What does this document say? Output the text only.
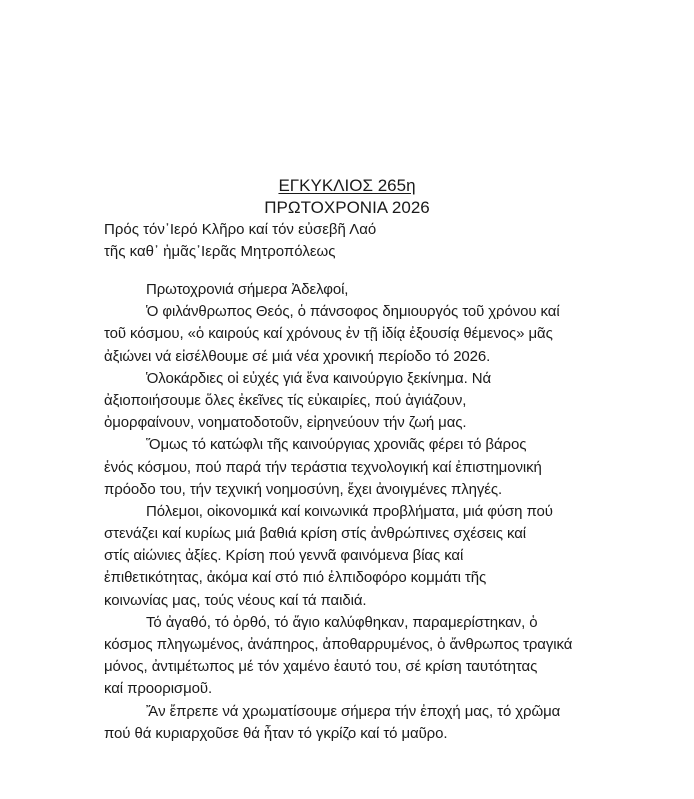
ΕΓΚΥΚΛΙΟΣ 265η
ΠΡΩΤΟΧΡΟΝΙΑ 2026
Πρός τόν᾿Ιερό Κλῆρο καί τόν εὐσεβῆ Λαό
τῆς καθ᾿ ἡμᾶς᾿Ιερᾶς Μητροπόλεως
Πρωτοχρονιά σήμερα Ἀδελφοί,
Ὁ φιλάνθρωπος Θεός, ὁ πάνσοφος δημιουργός τοῦ χρόνου καί
τοῦ κόσμου, «ὁ καιρούς καί χρόνους ἐν τῇ ἰδίᾳ ἐξουσίᾳ θέμενος» μᾶς
ἀξιώνει νά εἰσέλθουμε σέ μιά νέα χρονική περίοδο τό 2026.
Ὁλοκάρδιες οἱ εὐχές γιά ἕνα καινούργιο ξεκίνημα. Νά
ἀξιοποιήσουμε ὅλες ἐκεῖνες τίς εὐκαιρίες, πού ἁγιάζουν,
ὀμορφαίνουν, νοηματοδοτοῦν, εἰρηνεύουν τήν ζωή μας.
Ὅμως τό κατώφλι τῆς καινούργιας χρονιᾶς φέρει τό βάρος
ἑνός κόσμου, πού παρά τήν τεράστια τεχνολογική καί ἐπιστημονική
πρόοδο του, τήν τεχνική νοημοσύνη, ἔχει ἀνοιγμένες πληγές.
Πόλεμοι, οἰκονομικά καί κοινωνικά προβλήματα, μιά φύση πού
στενάζει καί κυρίως μιά βαθιά κρίση στίς ἀνθρώπινες σχέσεις καί
στίς αἰώνιες ἀξίες. Κρίση πού γεννᾶ φαινόμενα βίας καί
ἐπιθετικότητας, ἀκόμα καί στό πιό ἐλπιδοφόρο κομμάτι τῆς
κοινωνίας μας, τούς νέους καί τά παιδιά.
Τό ἀγαθό, τό ὀρθό, τό ἅγιο καλύφθηκαν, παραμερίστηκαν, ὁ
κόσμος πληγωμένος, ἀνάπηρος, ἀποθαρρυμένος, ὁ ἄνθρωπος τραγικά
μόνος, ἀντιμέτωπος μέ τόν χαμένο ἑαυτό του, σέ κρίση ταυτότητας
καί προορισμοῦ.
Ἄν ἔπρεπε νά χρωματίσουμε σήμερα τήν ἐποχή μας, τό χρῶμα
πού θά κυριαρχοῦσε θά ἦταν τό γκρίζο καί τό μαῦρο.
